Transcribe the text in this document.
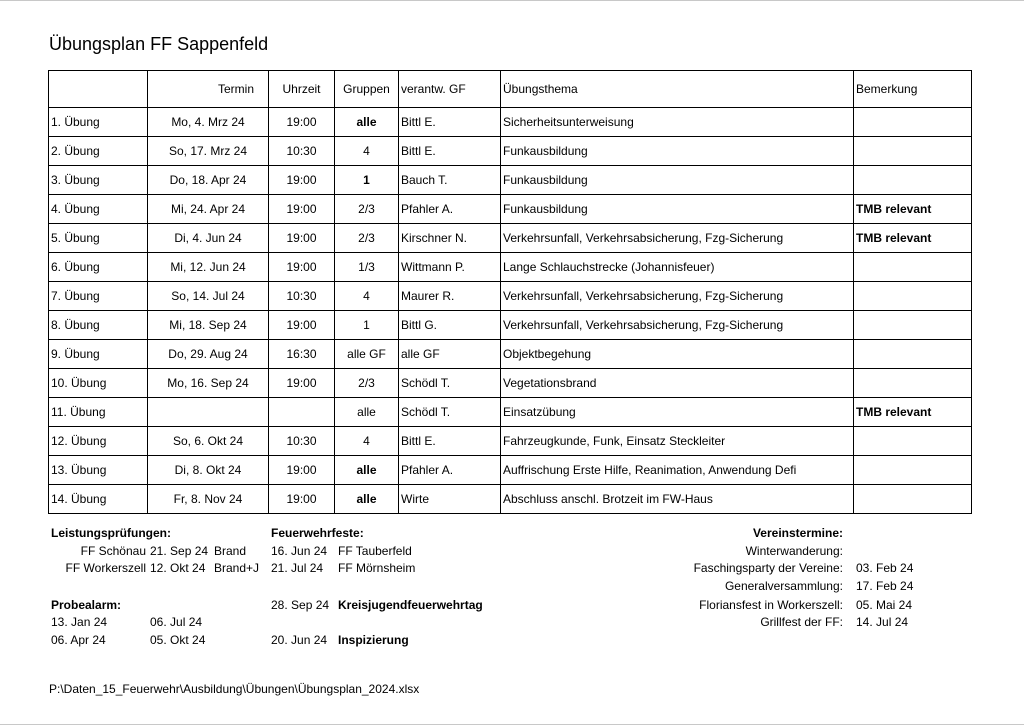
Übungsplan FF Sappenfeld
	Termin	Uhrzeit	Gruppen	verantw. GF	Übungsthema	Bemerkung
1. Übung	Mo, 4. Mrz 24	19:00	alle	Bittl E.	Sicherheitsunterweisung	
2. Übung	So, 17. Mrz 24	10:30	4	Bittl E.	Funkausbildung	
3. Übung	Do, 18. Apr 24	19:00	1	Bauch T.	Funkausbildung	
4. Übung	Mi, 24. Apr 24	19:00	2/3	Pfahler A.	Funkausbildung	TMB relevant
5. Übung	Di, 4. Jun 24	19:00	2/3	Kirschner N.	Verkehrsunfall, Verkehrsabsicherung, Fzg-Sicherung	TMB relevant
6. Übung	Mi, 12. Jun 24	19:00	1/3	Wittmann P.	Lange Schlauchstrecke (Johannisfeuer)	
7. Übung	So, 14. Jul 24	10:30	4	Maurer R.	Verkehrsunfall, Verkehrsabsicherung, Fzg-Sicherung	
8. Übung	Mi, 18. Sep 24	19:00	1	Bittl G.	Verkehrsunfall, Verkehrsabsicherung, Fzg-Sicherung	
9. Übung	Do, 29. Aug 24	16:30	alle GF	alle GF	Objektbegehung	
10. Übung	Mo, 16. Sep 24	19:00	2/3	Schödl T.	Vegetationsbrand	
11. Übung			alle	Schödl T.	Einsatzübung	TMB relevant
12. Übung	So, 6. Okt 24	10:30	4	Bittl E.	Fahrzeugkunde, Funk, Einsatz Steckleiter	
13. Übung	Di, 8. Okt 24	19:00	alle	Pfahler A.	Auffrischung Erste Hilfe, Reanimation, Anwendung Defi	
14. Übung	Fr, 8. Nov 24	19:00	alle	Wirte	Abschluss anschl. Brotzeit im FW-Haus	
Leistungsprüfungen:
FF Schönau 21. Sep 24 Brand
FF Workerszell 12. Okt 24 Brand+J
Probealarm:
13. Jan 24	06. Jul 24
06. Apr 24	05. Okt 24
Feuerwehrfeste:
16. Jun 24 FF Tauberfeld
21. Jul 24 FF Mörnsheim
28. Sep 24 Kreisjugendfeuerwehrtag
20. Jun 24 Inspizierung
Vereinstermine:
Winterwanderung:
Faschingsparty der Vereine: 03. Feb 24
Generalversammlung: 17. Feb 24
Floriansfest in Workerszell: 05. Mai 24
Grillfest der FF: 14. Jul 24
P:\Daten_15_Feuerwehr\Ausbildung\Übungen\Übungsplan_2024.xlsx
